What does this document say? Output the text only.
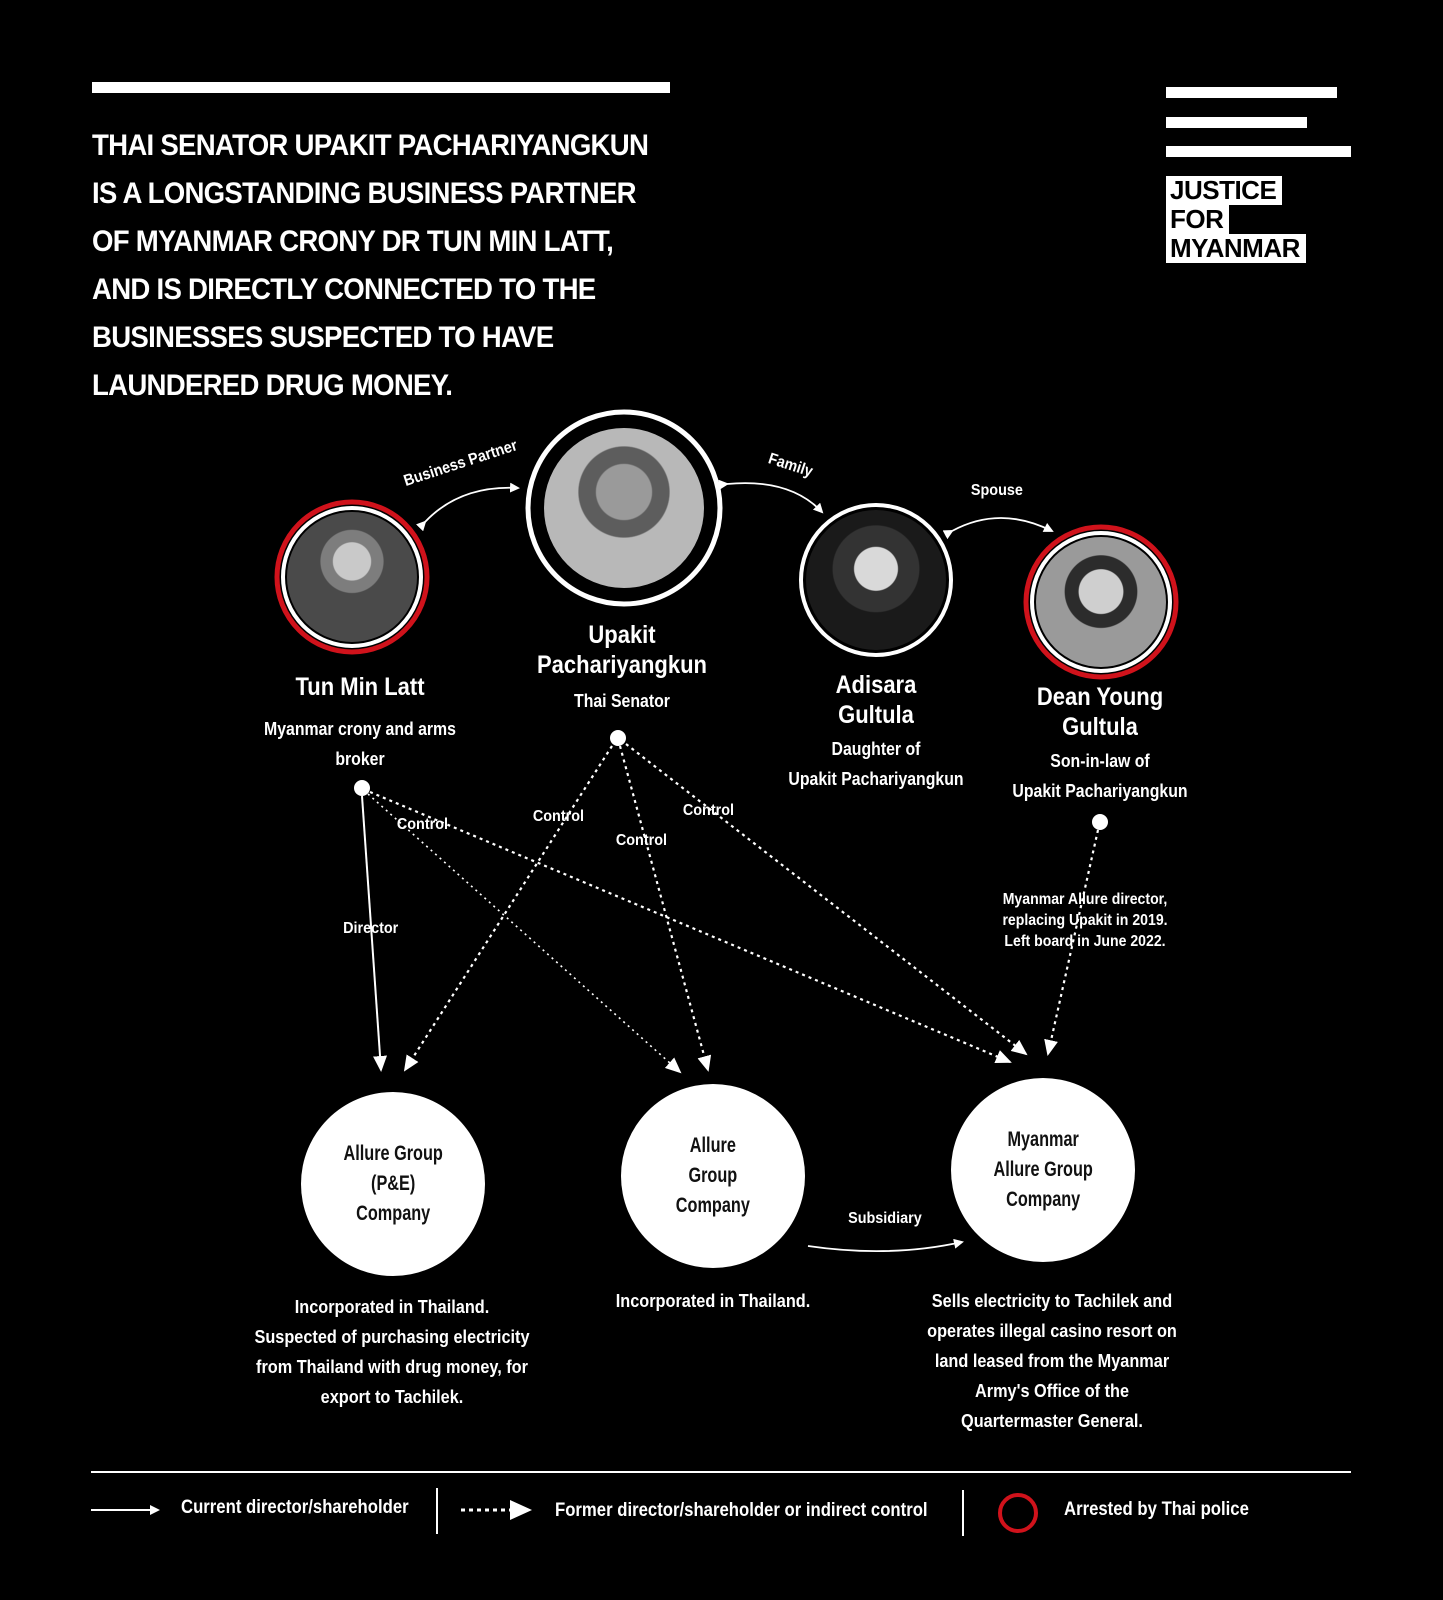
THAI SENATOR UPAKIT PACHARIYANGKUN
IS A LONGSTANDING BUSINESS PARTNER
OF MYANMAR CRONY DR TUN MIN LATT,
AND IS DIRECTLY CONNECTED TO THE
BUSINESSES SUSPECTED TO HAVE
LAUNDERED DRUG MONEY.
JUSTICE
FOR
MYANMAR
Business Partner	Family
Spouse
Tun Min Latt
Myanmar crony and arms
broker
Upakit
Pachariyangkun
Thai Senator
Adisara
Gultula
Daughter of
Upakit Pachariyangkun
Dean Young
Gultula
Son-in-law of
Upakit Pachariyangkun
Director
Control	Control
Control
Control
Myanmar Allure director,
replacing Upakit in 2019.
Left board in June 2022.
Subsidiary
Allure Group
(P&E)
Company
Allure
Group
Company
Myanmar
Allure Group
Company
Incorporated in Thailand.
Suspected of purchasing electricity
from Thailand with drug money, for
export to Tachilek.
Incorporated in Thailand.	Sells electricity to Tachilek and
operates illegal casino resort on
land leased from the Myanmar
Army's Office of the
Quartermaster General.
Current director/shareholder	Former director/shareholder or indirect control	Arrested by Thai police
